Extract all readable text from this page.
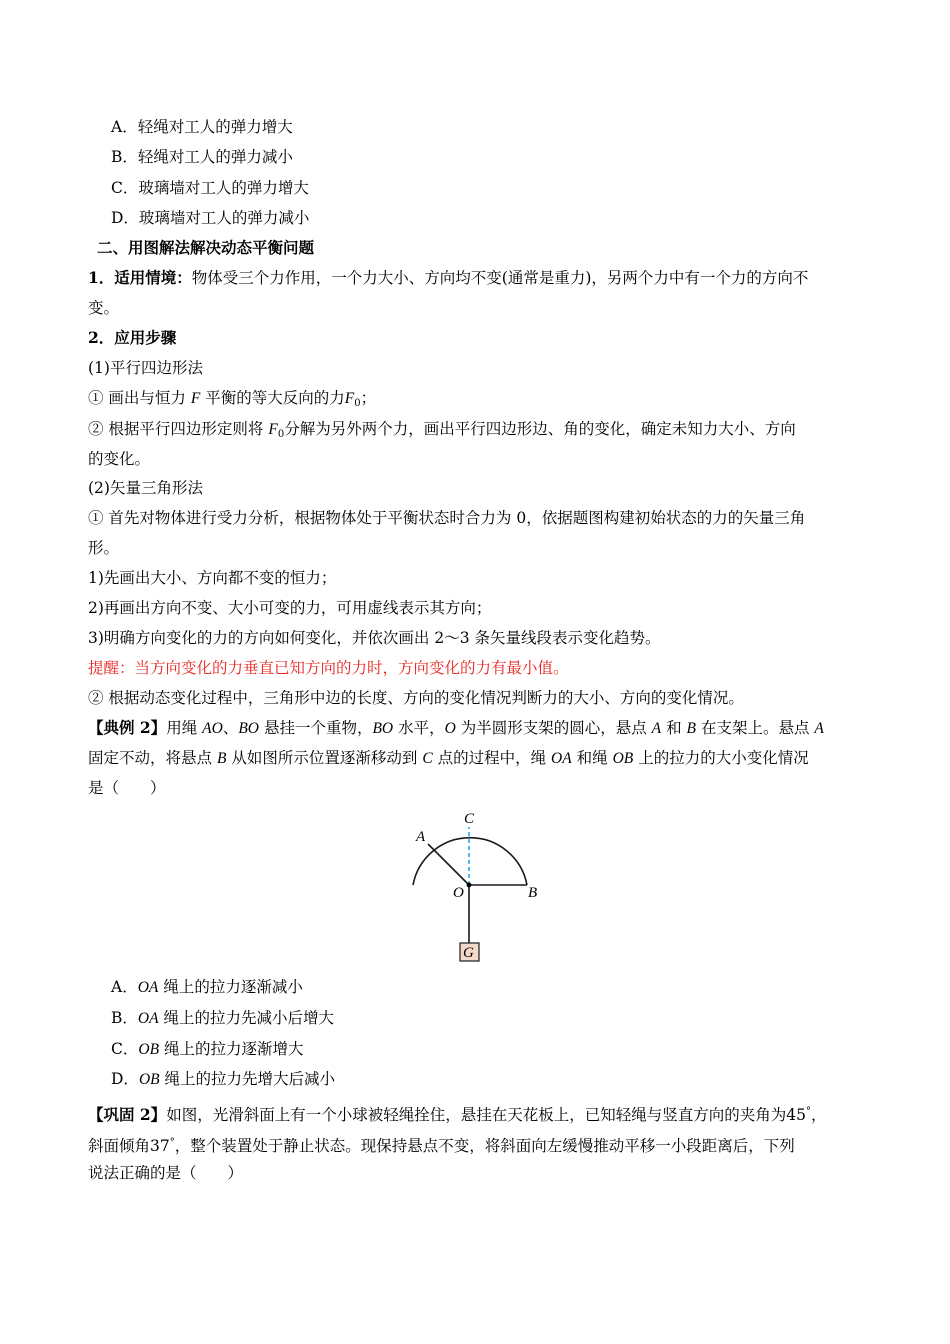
A．轻绳对工人的弹力增大
B．轻绳对工人的弹力减小
C．玻璃墙对工人的弹力增大
D．玻璃墙对工人的弹力减小
二、用图解法解决动态平衡问题
1．适用情境：物体受三个力作用，一个力大小、方向均不变(通常是重力)，另两个力中有一个力的方向不
变。
2．应用步骤
(1)平行四边形法
① 画出与恒力 F 平衡的等大反向的力$F_0$；
② 根据平行四边形定则将 $F_0$分解为另外两个力，画出平行四边形边、角的变化，确定未知力大小、方向
的变化。
(2)矢量三角形法
① 首先对物体进行受力分析，根据物体处于平衡状态时合力为 0，依据题图构建初始状态的力的矢量三角
形。
1)先画出大小、方向都不变的恒力；
2)再画出方向不变、大小可变的力，可用虚线表示其方向；
3)明确方向变化的力的方向如何变化，并依次画出 2～3 条矢量线段表示变化趋势。
提醒：当方向变化的力垂直已知方向的力时，方向变化的力有最小值。
② 根据动态变化过程中，三角形中边的长度、方向的变化情况判断力的大小、方向的变化情况。
【典例 2】用绳 AO、BO 悬挂一个重物，BO 水平，O 为半圆形支架的圆心，悬点 A 和 B 在支架上。悬点 A
固定不动，将悬点 B 从如图所示位置逐渐移动到 C 点的过程中，绳 OA 和绳 OB 上的拉力的大小变化情况
是（　　）
G
A
C
O	B
A．OA 绳上的拉力逐渐减小
B．OA 绳上的拉力先减小后增大
C．OB 绳上的拉力逐渐增大
D．OB 绳上的拉力先增大后减小
【巩固 2】如图，光滑斜面上有一个小球被轻绳拴住，悬挂在天花板上，已知轻绳与竖直方向的夹角为45°，
斜面倾角37°，整个装置处于静止状态。现保持悬点不变，将斜面向左缓慢推动平移一小段距离后，下列
说法正确的是（　　）
